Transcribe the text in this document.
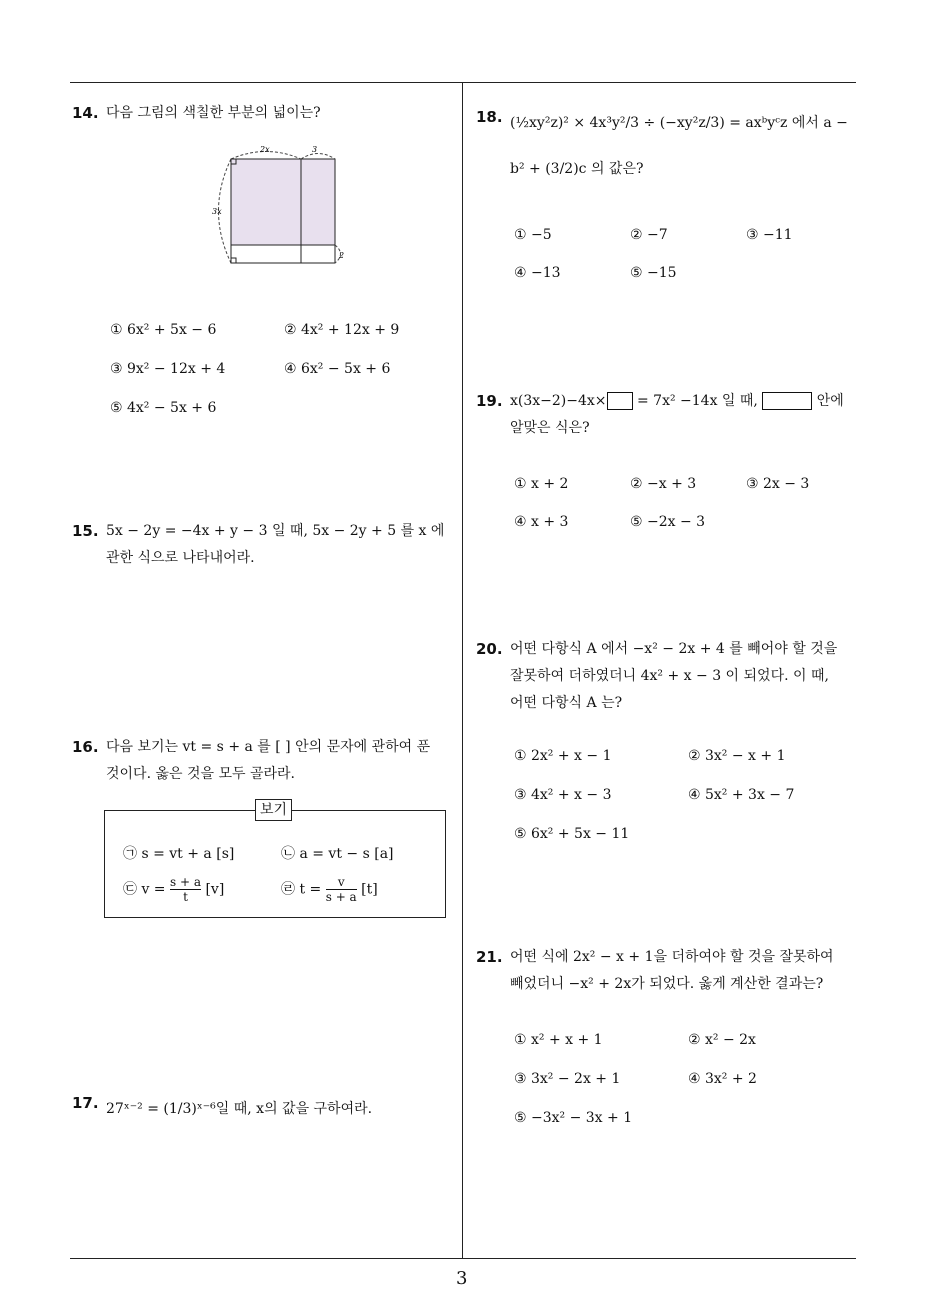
14. 다음 그림의 색칠한 부분의 넓이는?
2x	3
3x
2
① 6x² + 5x − 6	② 4x² + 12x + 9
③ 9x² − 12x + 4	④ 6x² − 5x + 6
⑤ 4x² − 5x + 6
15. 5x − 2y = −4x + y − 3 일 때, 5x − 2y + 5 를 x 에
관한 식으로 나타내어라.
16. 다음 보기는 vt = s + a 를 [ ] 안의 문자에 관하여 푼
것이다. 옳은 것을 모두 골라라.
보기
㉠ s = vt + a [s]	㉡ a = vt − s [a]
㉢ $v = \frac{s + a}{t} [v]$	㉣ $t = \frac{v}{s + a} [t]$
17. 27ˣ⁻² = (1/3)ˣ⁻⁶일 때, x의 값을 구하여라.
18. (½xy²z)² × 4x³y²/3 ÷ (−xy²z/3) = axᵇyᶜz 에서 a −
b² + (3/2)c 의 값은?
① −5	② −7	③ −11
④ −13	⑤ −15
19. x(3x−2)−4x× = 7x² −14x 일 때,	안에
알맞은 식은?
① x + 2	② −x + 3	③ 2x − 3
④ x + 3	⑤ −2x − 3
20. 어떤 다항식 A 에서 −x² − 2x + 4 를 빼어야 할 것을
잘못하여 더하였더니 4x² + x − 3 이 되었다. 이 때,
어떤 다항식 A 는?
① 2x² + x − 1	② 3x² − x + 1
③ 4x² + x − 3	④ 5x² + 3x − 7
⑤ 6x² + 5x − 11
21. 어떤 식에 2x² − x + 1을 더하여야 할 것을 잘못하여
빼었더니 −x² + 2x가 되었다. 옳게 계산한 결과는?
① x² + x + 1	② x² − 2x
③ 3x² − 2x + 1	④ 3x² + 2
⑤ −3x² − 3x + 1
3
